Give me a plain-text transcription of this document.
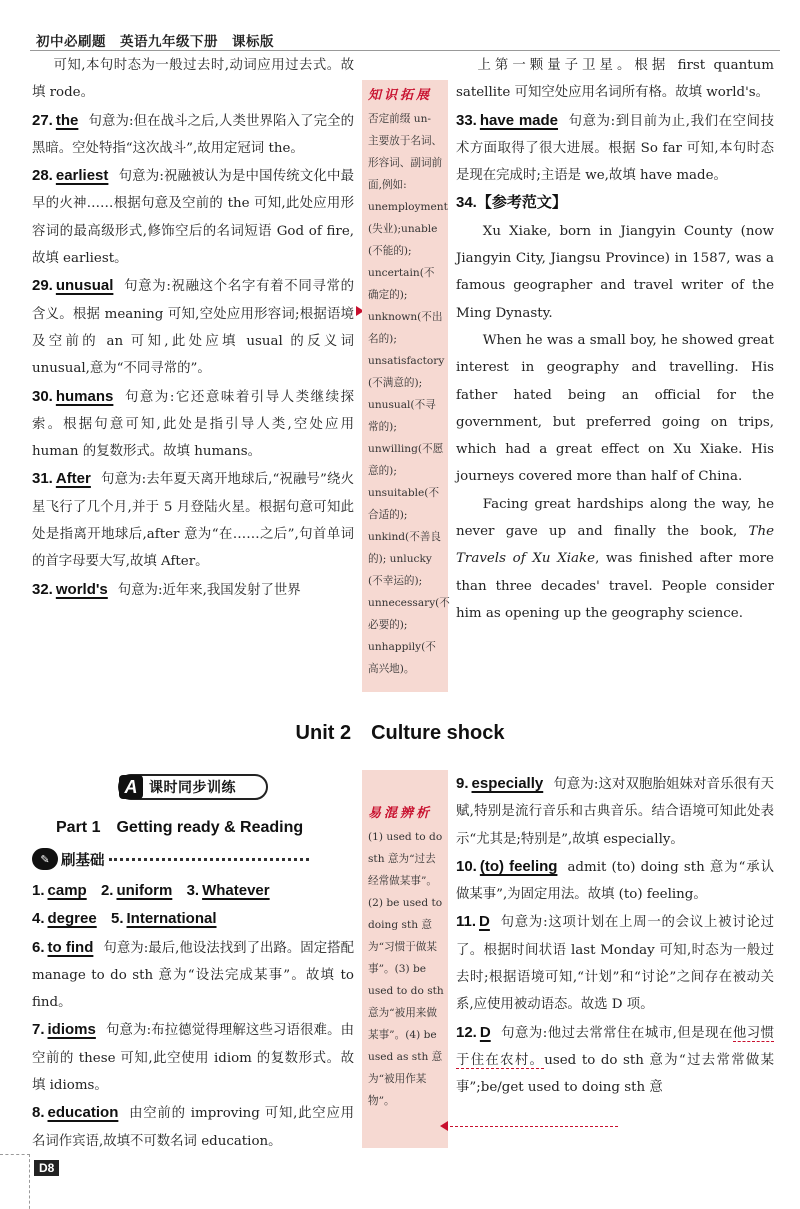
初中必刷题　英语九年级下册　课标版

可知,本句时态为一般过去时,动词应用过去式。故填 rode。

27. the 句意为:但在战斗之后,人类世界陷入了完全的黑暗。空处特指“这次战斗”,故用定冠词 the。

28. earliest 句意为:祝融被认为是中国传统文化中最早的火神……根据句意及空前的 the 可知,此处应用形容词的最高级形式,修饰空后的名词短语 God of fire,故填 earliest。

29. unusual 句意为:祝融这个名字有着不同寻常的含义。根据 meaning 可知,空处应用形容词;根据语境及空前的 an 可知,此处应填 usual 的反义词 unusual,意为“不同寻常的”。

30. humans 句意为:它还意味着引导人类继续探索。根据句意可知,此处是指引导人类,空处应用 human 的复数形式。故填 humans。

31. After 句意为:去年夏天离开地球后,“祝融号”绕火星飞行了几个月,并于 5 月登陆火星。根据句意可知此处是指离开地球后,after 意为“在……之后”,句首单词的首字母要大写,故填 After。

32. world's 句意为:近年来,我国发射了世界

知识拓展
否定前缀 un- 主要放于名词、形容词、副词前面,例如: unemployment (失业);unable (不能的); uncertain(不确定的); unknown(不出名的); unsatisfactory (不满意的); unusual(不寻常的); unwilling(不愿意的); unsuitable(不合适的); unkind(不善良的); unlucky (不幸运的); unnecessary(不必要的); unhappily(不高兴地)。

上第一颗量子卫星。根据 first quantum satellite 可知空处应用名词所有格。故填 world's。

33. have made 句意为:到目前为止,我们在空间技术方面取得了很大进展。根据 So far 可知,本句时态是现在完成时;主语是 we,故填 have made。

34.【参考范文】

Xu Xiake, born in Jiangyin County (now Jiangyin City, Jiangsu Province) in 1587, was a famous geographer and travel writer of the Ming Dynasty.

When he was a small boy, he showed great interest in geography and travelling. His father hated being an official for the government, but preferred going on trips, which had a great effect on Xu Xiake. His journeys covered more than half of China.

Facing great hardships along the way, he never gave up and finally the book, The Travels of Xu Xiake, was finished after more than three decades' travel. People consider him as opening up the geography science.

Unit 2　Culture shock
A 课时同步训练
Part 1　Getting ready & Reading
✎ 刷基础

1. camp 2. uniform 3. Whatever

4. degree 5. International

6. to find 句意为:最后,他设法找到了出路。固定搭配 manage to do sth 意为“设法完成某事”。故填 to find。

7. idioms 句意为:布拉德觉得理解这些习语很难。由空前的 these 可知,此空使用 idiom 的复数形式。故填 idioms。

8. education 由空前的 improving 可知,此空应用名词作宾语,故填不可数名词 education。

易混辨析
(1) used to do sth 意为“过去经常做某事”。(2) be used to doing sth 意为“习惯于做某事”。(3) be used to do sth 意为“被用来做某事”。(4) be used as sth 意为“被用作某物”。

9. especially 句意为:这对双胞胎姐妹对音乐很有天赋,特别是流行音乐和古典音乐。结合语境可知此处表示“尤其是;特别是”,故填 especially。

10. (to) feeling admit (to) doing sth 意为“承认做某事”,为固定用法。故填 (to) feeling。

11. D 句意为:这项计划在上周一的会议上被讨论过了。根据时间状语 last Monday 可知,时态为一般过去时;根据语境可知,“计划”和“讨论”之间存在被动关系,应使用被动语态。故选 D 项。

12. D 句意为:他过去常常住在城市,但是现在他习惯于住在农村。used to do sth 意为“过去常常做某事”;be/get used to doing sth 意

D8
